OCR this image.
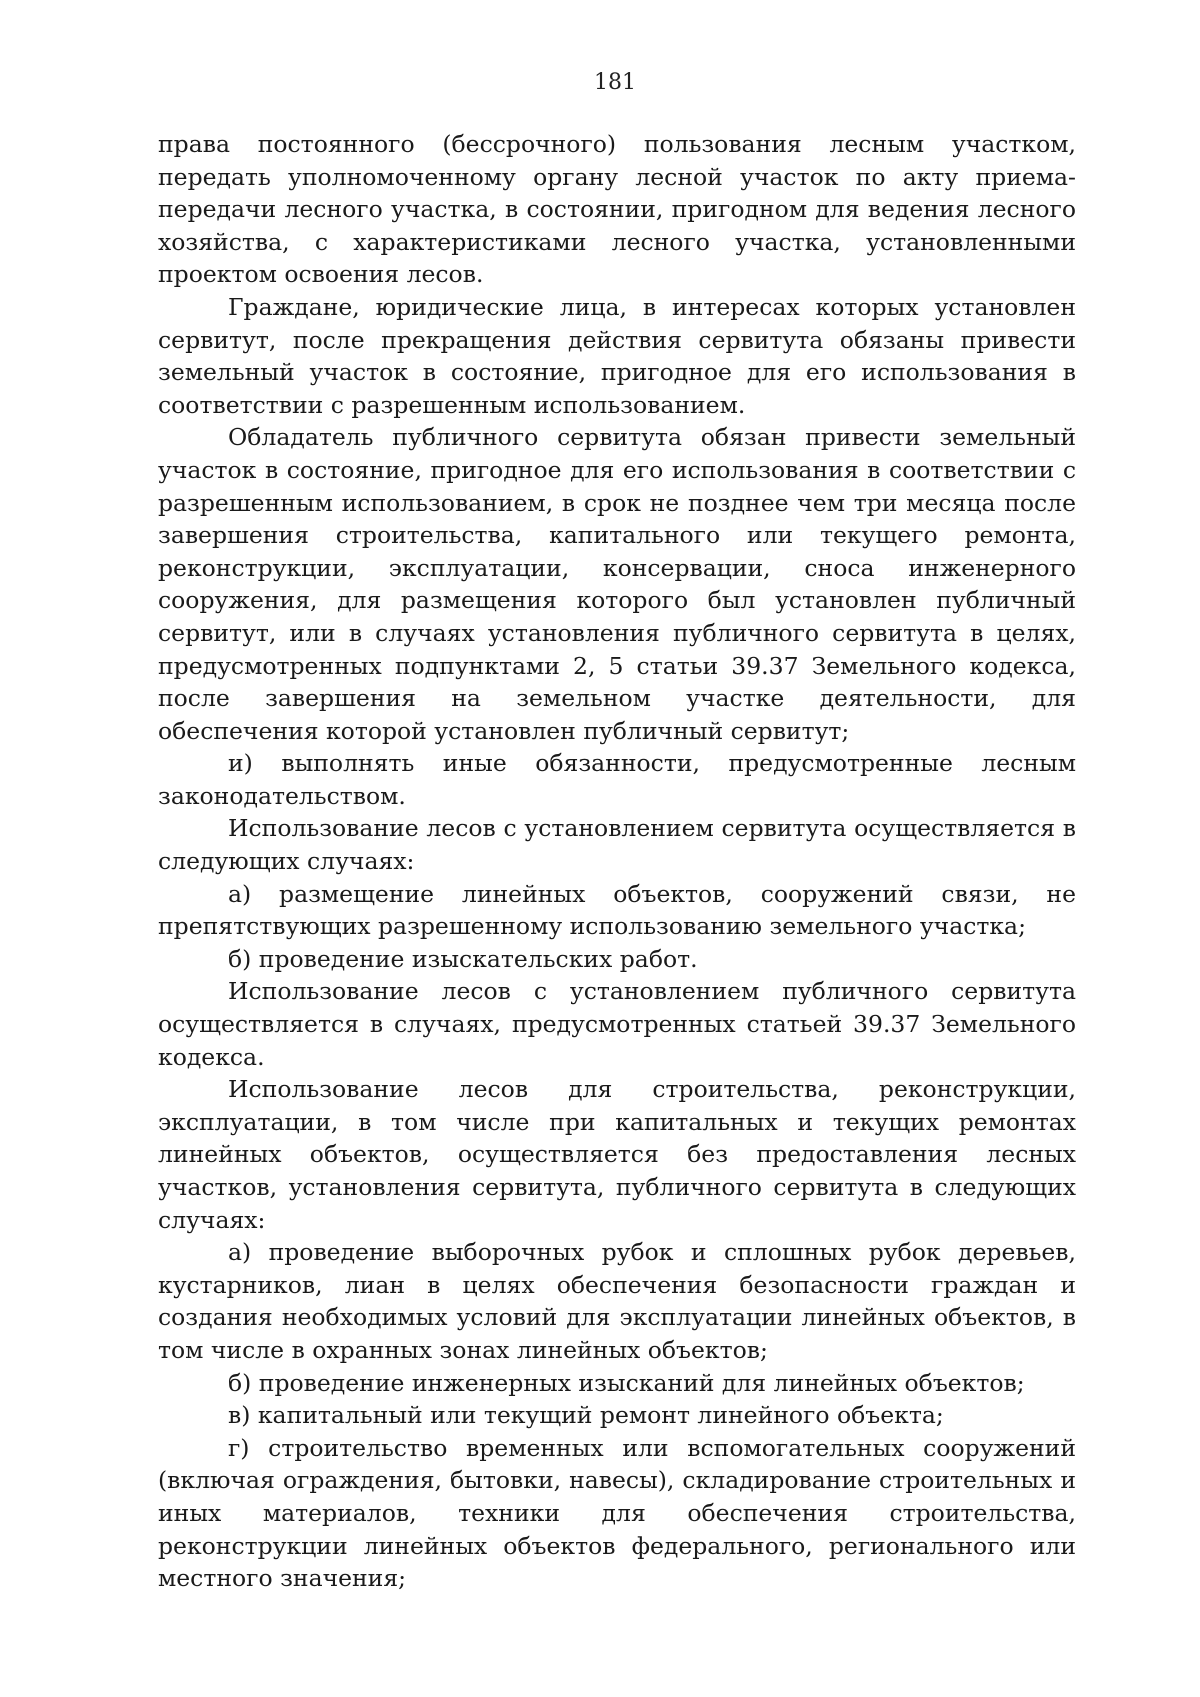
181

права постоянного (бессрочного) пользования лесным участком, передать уполномоченному органу лесной участок по акту приема-передачи лесного участка, в состоянии, пригодном для ведения лесного хозяйства, с характеристиками лесного участка, установленными проектом освоения лесов.

Граждане, юридические лица, в интересах которых установлен сервитут, после прекращения действия сервитута обязаны привести земельный участок в состояние, пригодное для его использования в соответствии с разрешенным использованием.

Обладатель публичного сервитута обязан привести земельный участок в состояние, пригодное для его использования в соответствии с разрешенным использованием, в срок не позднее чем три месяца после завершения строительства, капитального или текущего ремонта, реконструкции, эксплуатации, консервации, сноса инженерного сооружения, для размещения которого был установлен публичный сервитут, или в случаях установления публичного сервитута в целях, предусмотренных подпунктами 2, 5 статьи 39.37 Земельного кодекса, после завершения на земельном участке деятельности, для обеспечения которой установлен публичный сервитут;

и) выполнять иные обязанности, предусмотренные лесным законодательством.

Использование лесов с установлением сервитута осуществляется в следующих случаях:

а) размещение линейных объектов, сооружений связи, не препятствующих разрешенному использованию земельного участка;

б) проведение изыскательских работ.

Использование лесов с установлением публичного сервитута осуществляется в случаях, предусмотренных статьей 39.37 Земельного кодекса.

Использование лесов для строительства, реконструкции, эксплуатации, в том числе при капитальных и текущих ремонтах линейных объектов, осуществляется без предоставления лесных участков, установления сервитута, публичного сервитута в следующих случаях:

а) проведение выборочных рубок и сплошных рубок деревьев, кустарников, лиан в целях обеспечения безопасности граждан и создания необходимых условий для эксплуатации линейных объектов, в том числе в охранных зонах линейных объектов;

б) проведение инженерных изысканий для линейных объектов;

в) капитальный или текущий ремонт линейного объекта;

г) строительство временных или вспомогательных сооружений (включая ограждения, бытовки, навесы), складирование строительных и иных материалов, техники для обеспечения строительства, реконструкции линейных объектов федерального, регионального или местного значения;
